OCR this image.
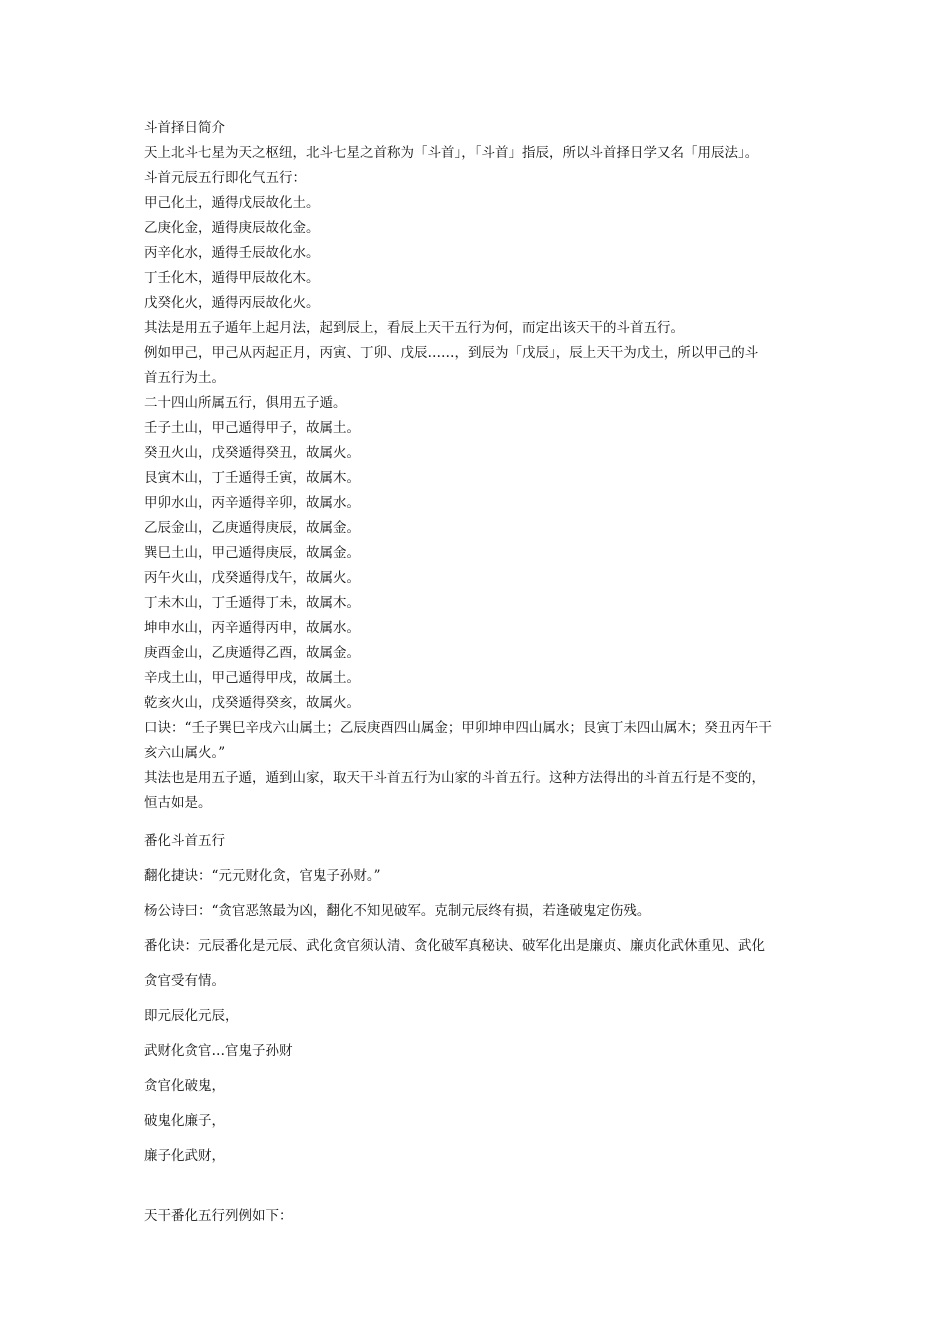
斗首择日简介
天上北斗七星为天之枢纽，北斗七星之首称为「斗首」，「斗首」指辰，所以斗首择日学又名「用辰法」。
斗首元辰五行即化气五行：
甲己化土，遁得戊辰故化土。
乙庚化金，遁得庚辰故化金。
丙辛化水，遁得壬辰故化水。
丁壬化木，遁得甲辰故化木。
戊癸化火，遁得丙辰故化火。
其法是用五子遁年上起月法，起到辰上，看辰上天干五行为何，而定出该天干的斗首五行。
例如甲己，甲己从丙起正月，丙寅、丁卯、戊辰……，到辰为「戊辰」，辰上天干为戊土，所以甲己的斗
首五行为土。
二十四山所属五行，俱用五子遁。
壬子土山，甲己遁得甲子，故属土。
癸丑火山，戊癸遁得癸丑，故属火。
艮寅木山，丁壬遁得壬寅，故属木。
甲卯水山，丙辛遁得辛卯，故属水。
乙辰金山，乙庚遁得庚辰，故属金。
巽巳土山，甲己遁得庚辰，故属金。
丙午火山，戊癸遁得戊午，故属火。
丁未木山，丁壬遁得丁未，故属木。
坤申水山，丙辛遁得丙申，故属水。
庚酉金山，乙庚遁得乙酉，故属金。
辛戌土山，甲己遁得甲戌，故属土。
乾亥火山，戊癸遁得癸亥，故属火。
口诀：“壬子巽巳辛戌六山属土；乙辰庚酉四山属金；甲卯坤申四山属水；艮寅丁未四山属木；癸丑丙午干
亥六山属火。”
其法也是用五子遁，遁到山家，取天干斗首五行为山家的斗首五行。这种方法得出的斗首五行是不变的，
恒古如是。
番化斗首五行
翻化捷诀：“元元财化贪，官鬼子孙财。”
杨公诗曰：“贪官恶煞最为凶，翻化不知见破军。克制元辰终有损，若逢破鬼定伤残。
番化诀：元辰番化是元辰、武化贪官须认清、贪化破军真秘诀、破军化出是廉贞、廉贞化武休重见、武化
贪官受有情。
即元辰化元辰，
武财化贪官…官鬼子孙财
贪官化破鬼，
破鬼化廉子，
廉子化武财，
天干番化五行列例如下：
